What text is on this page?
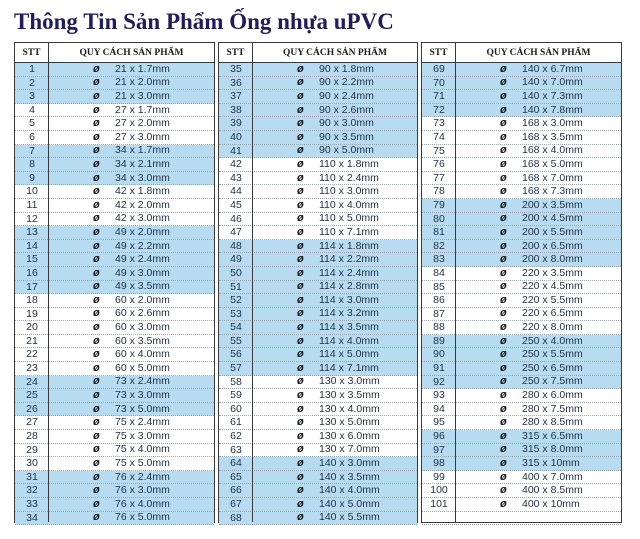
Thông Tin Sản Phẩm Ống nhựa uPVC
STT	QUY CÁCH SẢN PHẨM
1	ø	21 x 1.7mm
2	ø	21 x 2.0mm
3	ø	21 x 3.0mm
4	ø	27 x 1.7mm
5	ø	27 x 2.0mm
6	ø	27 x 3.0mm
7	ø	34 x 1.7mm
8	ø	34 x 2.1mm
9	ø	34 x 3.0mm
10	ø	42 x 1.8mm
11	ø	42 x 2.0mm
12	ø	42 x 3.0mm
13	ø	49 x 2.0mm
14	ø	49 x 2.2mm
15	ø	49 x 2.4mm
16	ø	49 x 3.0mm
17	ø	49 x 3.5mm
18	ø	60 x 2.0mm
19	ø	60 x 2.6mm
20	ø	60 x 3.0mm
21	ø	60 x 3.5mm
22	ø	60 x 4.0mm
23	ø	60 x 5.0mm
24	ø	73 x 2.4mm
25	ø	73 x 3.0mm
26	ø	73 x 5.0mm
27	ø	75 x 2.4mm
28	ø	75 x 3.0mm
29	ø	75 x 4.0mm
30	ø	75 x 5.0mm
31	ø	76 x 2.4mm
32	ø	76 x 3.0mm
33	ø	76 x 4.0mm
34	ø	76 x 5.0mm
STT	QUY CÁCH SẢN PHẨM
35	ø	90 x 1.8mm
36	ø	90 x 2.2mm
37	ø	90 x 2.4mm
38	ø	90 x 2.6mm
39	ø	90 x 3.0mm
40	ø	90 x 3.5mm
41	ø	90 x 5.0mm
42	ø	110 x 1.8mm
43	ø	110 x 2.4mm
44	ø	110 x 3.0mm
45	ø	110 x 4.0mm
46	ø	110 x 5.0mm
47	ø	110 x 7.1mm
48	ø	114 x 1.8mm
49	ø	114 x 2.2mm
50	ø	114 x 2.4mm
51	ø	114 x 2.8mm
52	ø	114 x 3.0mm
53	ø	114 x 3.2mm
54	ø	114 x 3.5mm
55	ø	114 x 4.0mm
56	ø	114 x 5.0mm
57	ø	114 x 7.1mm
58	ø	130 x 3.0mm
59	ø	130 x 3.5mm
60	ø	130 x 4.0mm
61	ø	130 x 5.0mm
62	ø	130 x 6.0mm
63	ø	130 x 7.0mm
64	ø	140 x 3.0mm
65	ø	140 x 3.5mm
66	ø	140 x 4.0mm
67	ø	140 x 5.0mm
68	ø	140 x 5.5mm
STT	QUY CÁCH SẢN PHẨM
69	ø	140 x 6.7mm
70	ø	140 x 7.0mm
71	ø	140 x 7.3mm
72	ø	140 x 7.8mm
73	ø	168 x 3.0mm
74	ø	168 x 3.5mm
75	ø	168 x 4.0mm
76	ø	168 x 5.0mm
77	ø	168 x 7.0mm
78	ø	168 x 7.3mm
79	ø	200 x 3.5mm
80	ø	200 x 4.5mm
81	ø	200 x 5.5mm
82	ø	200 x 6.5mm
83	ø	200 x 8.0mm
84	ø	220 x 3.5mm
85	ø	220 x 4.5mm
86	ø	220 x 5.5mm
87	ø	220 x 6.5mm
88	ø	220 x 8.0mm
89	ø	250 x 4.0mm
90	ø	250 x 5.5mm
91	ø	250 x 6.5mm
92	ø	250 x 7.5mm
93	ø	280 x 6.0mm
94	ø	280 x 7.5mm
95	ø	280 x 8.5mm
96	ø	315 x 6.5mm
97	ø	315 x 8.0mm
98	ø	315 x 10mm
99	ø	400 x 7.0mm
100	ø	400 x 8.5mm
101	ø	400 x 10mm
